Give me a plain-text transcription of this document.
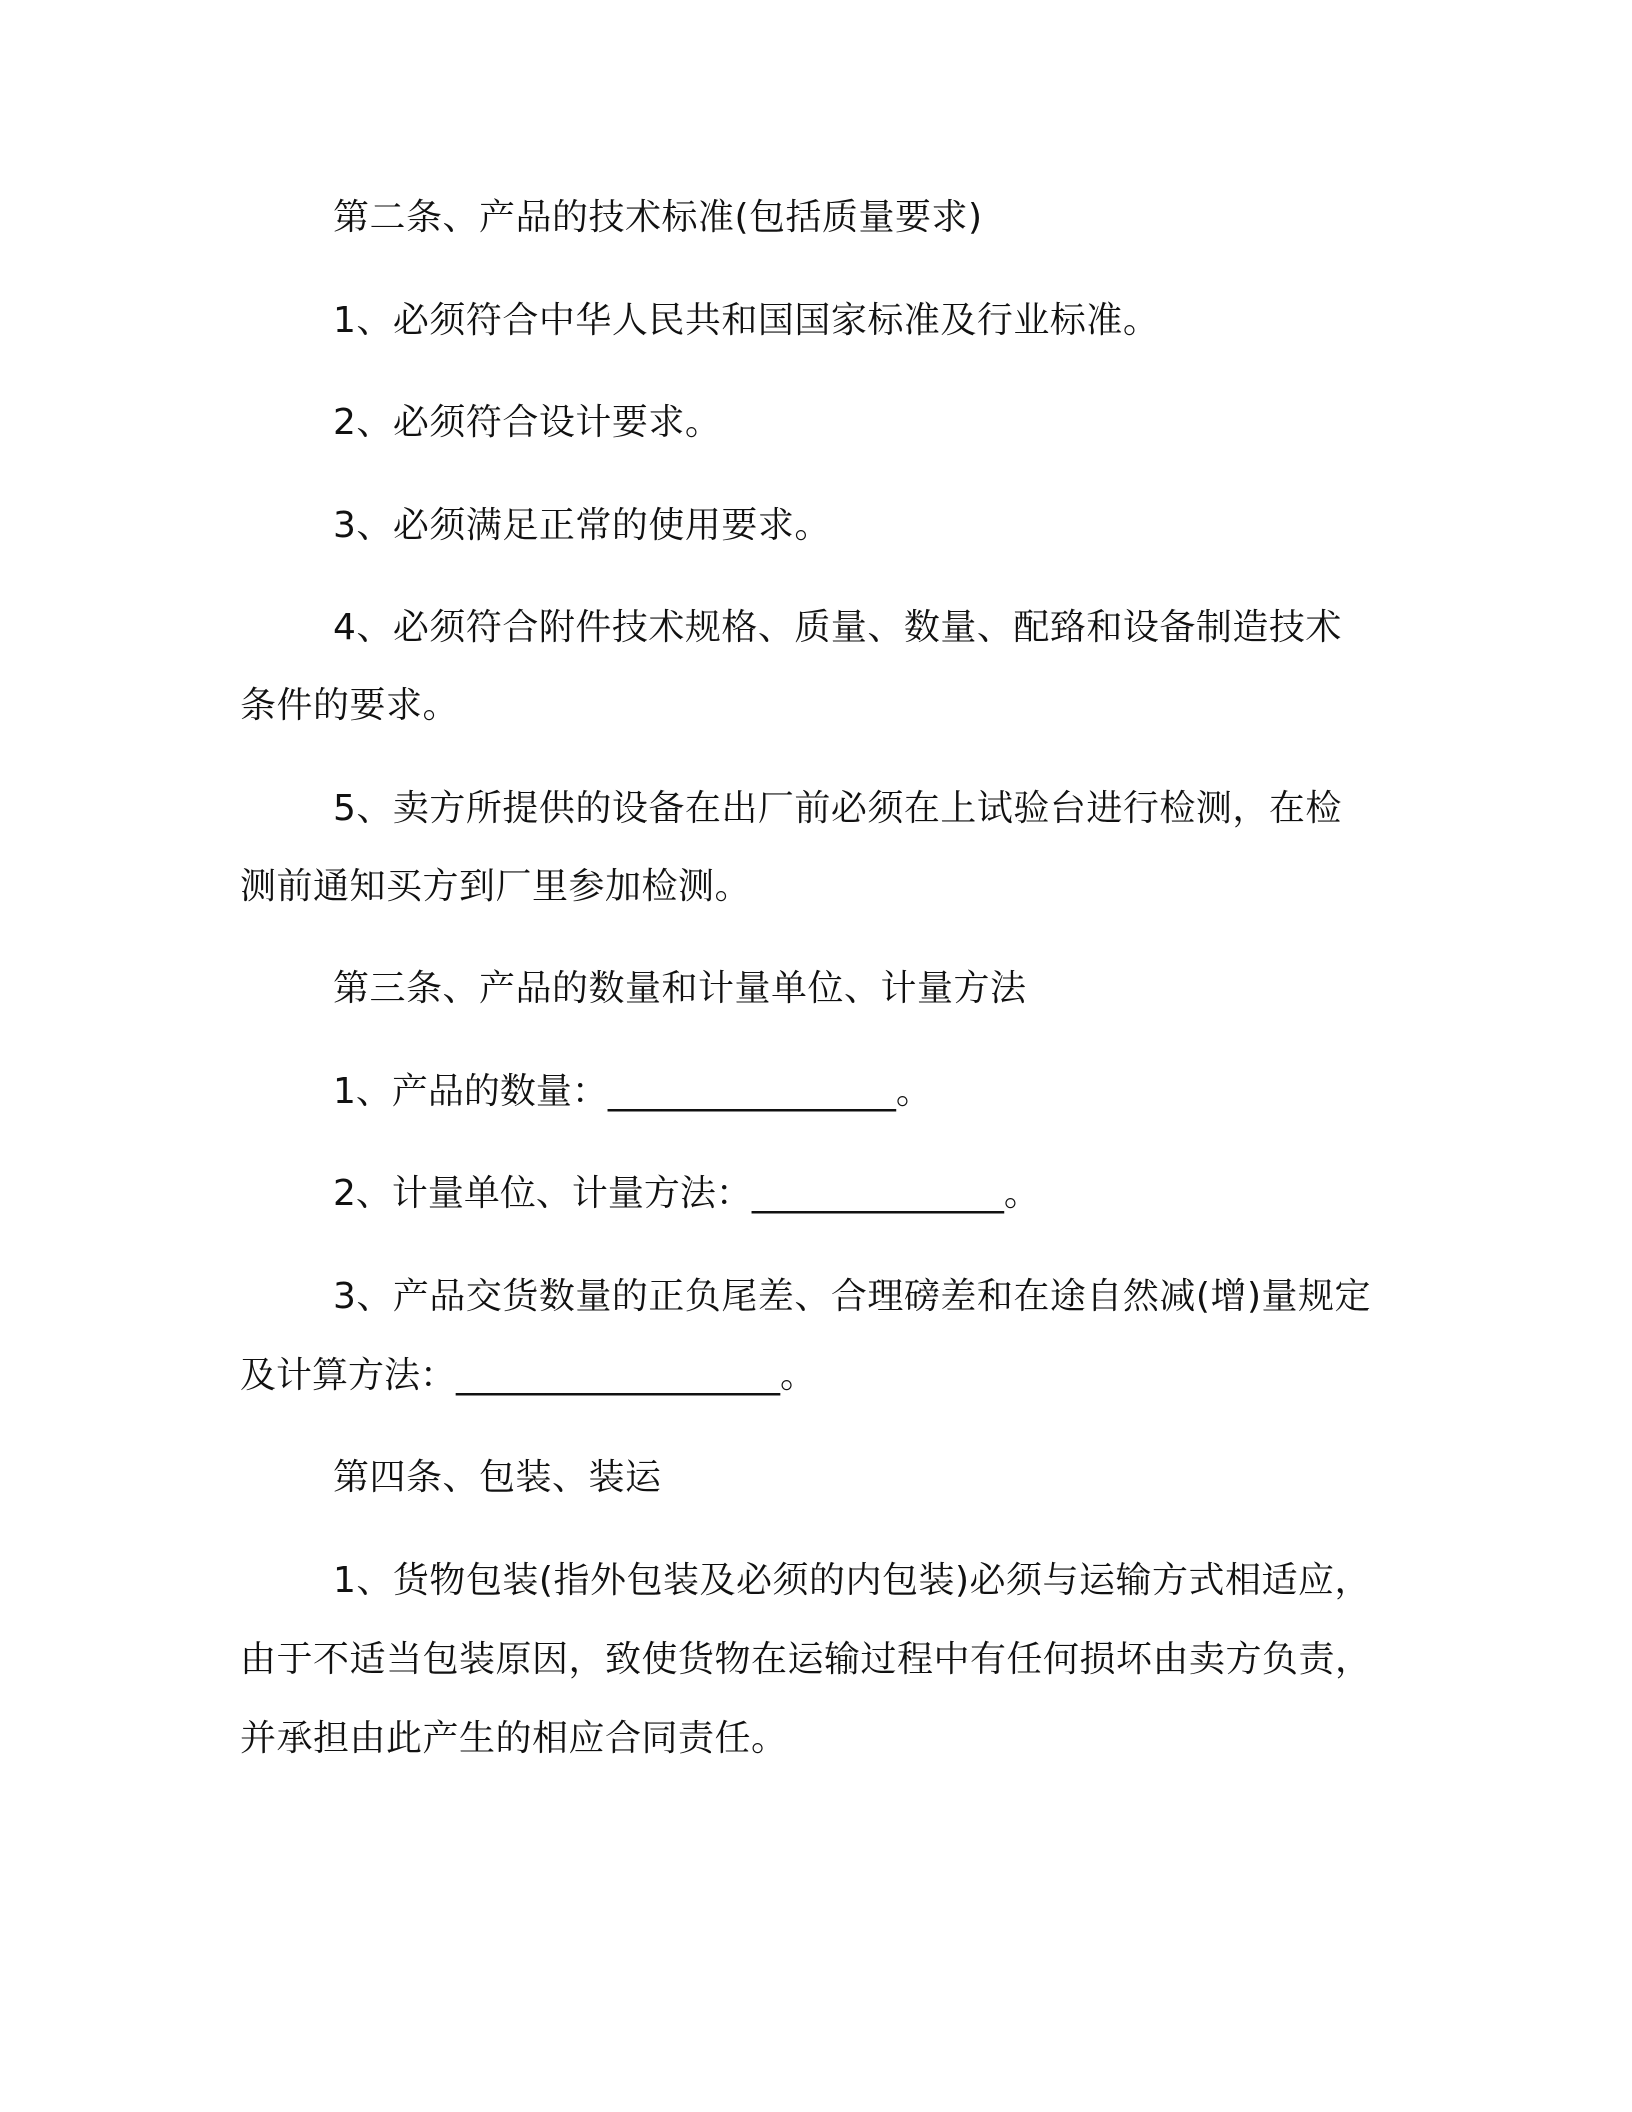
第二条、产品的技术标准(包括质量要求)
1、必须符合中华人民共和国国家标准及行业标准。
2、必须符合设计要求。
3、必须满足正常的使用要求。
4、必须符合附件技术规格、质量、数量、配臵和设备制造技术
条件的要求。
5、卖方所提供的设备在出厂前必须在上试验台进行检测，在检
测前通知买方到厂里参加检测。
第三条、产品的数量和计量单位、计量方法
1、产品的数量：________________。
2、计量单位、计量方法：______________。
3、产品交货数量的正负尾差、合理磅差和在途自然减(增)量规定
及计算方法：__________________。
第四条、包装、装运
1、货物包装(指外包装及必须的内包装)必须与运输方式相适应，
由于不适当包装原因，致使货物在运输过程中有任何损坏由卖方负责，
并承担由此产生的相应合同责任。
